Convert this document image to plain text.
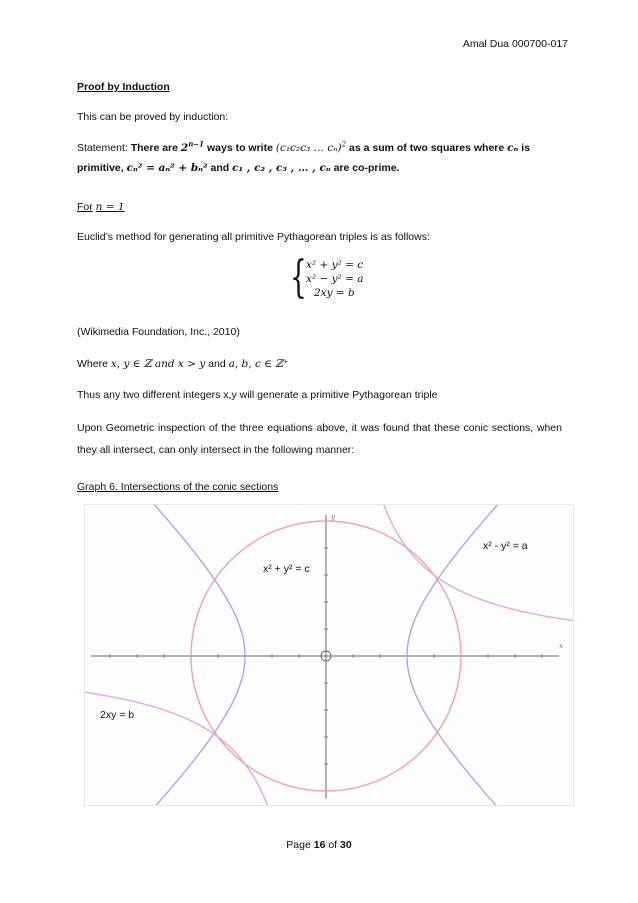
Amal Dua 000700-017
Proof by Induction
This can be proved by induction:
Statement: There are $2^{n-1}$ ways to write (c₁c₂c₃ … cₙ)$^2$ as a sum of two squares where cₙ is
primitive, cₙ² = aₙ² + bₙ² and c₁ , c₂ , c₃ , … , cₙ are co-prime.
For n = 1
Euclid’s method for generating all primitive Pythagorean triples is as follows:
{ x² + y² = c
x² − y² = a
2xy = b
(Wikimedia Foundation, Inc., 2010)
Where x, y ∈ ℤ and x > y and a, b, c ∈ ℤ⁺
Thus any two different integers x,y will generate a primitive Pythagorean triple
Upon Geometric inspection of the three equations above, it was found that these conic sections, when they all intersect, can only intersect in the following manner:
Graph 6. Intersections of the conic sections
x
y
x² - y² = a
x² + y² = c
2xy = b
Page 16 of 30
